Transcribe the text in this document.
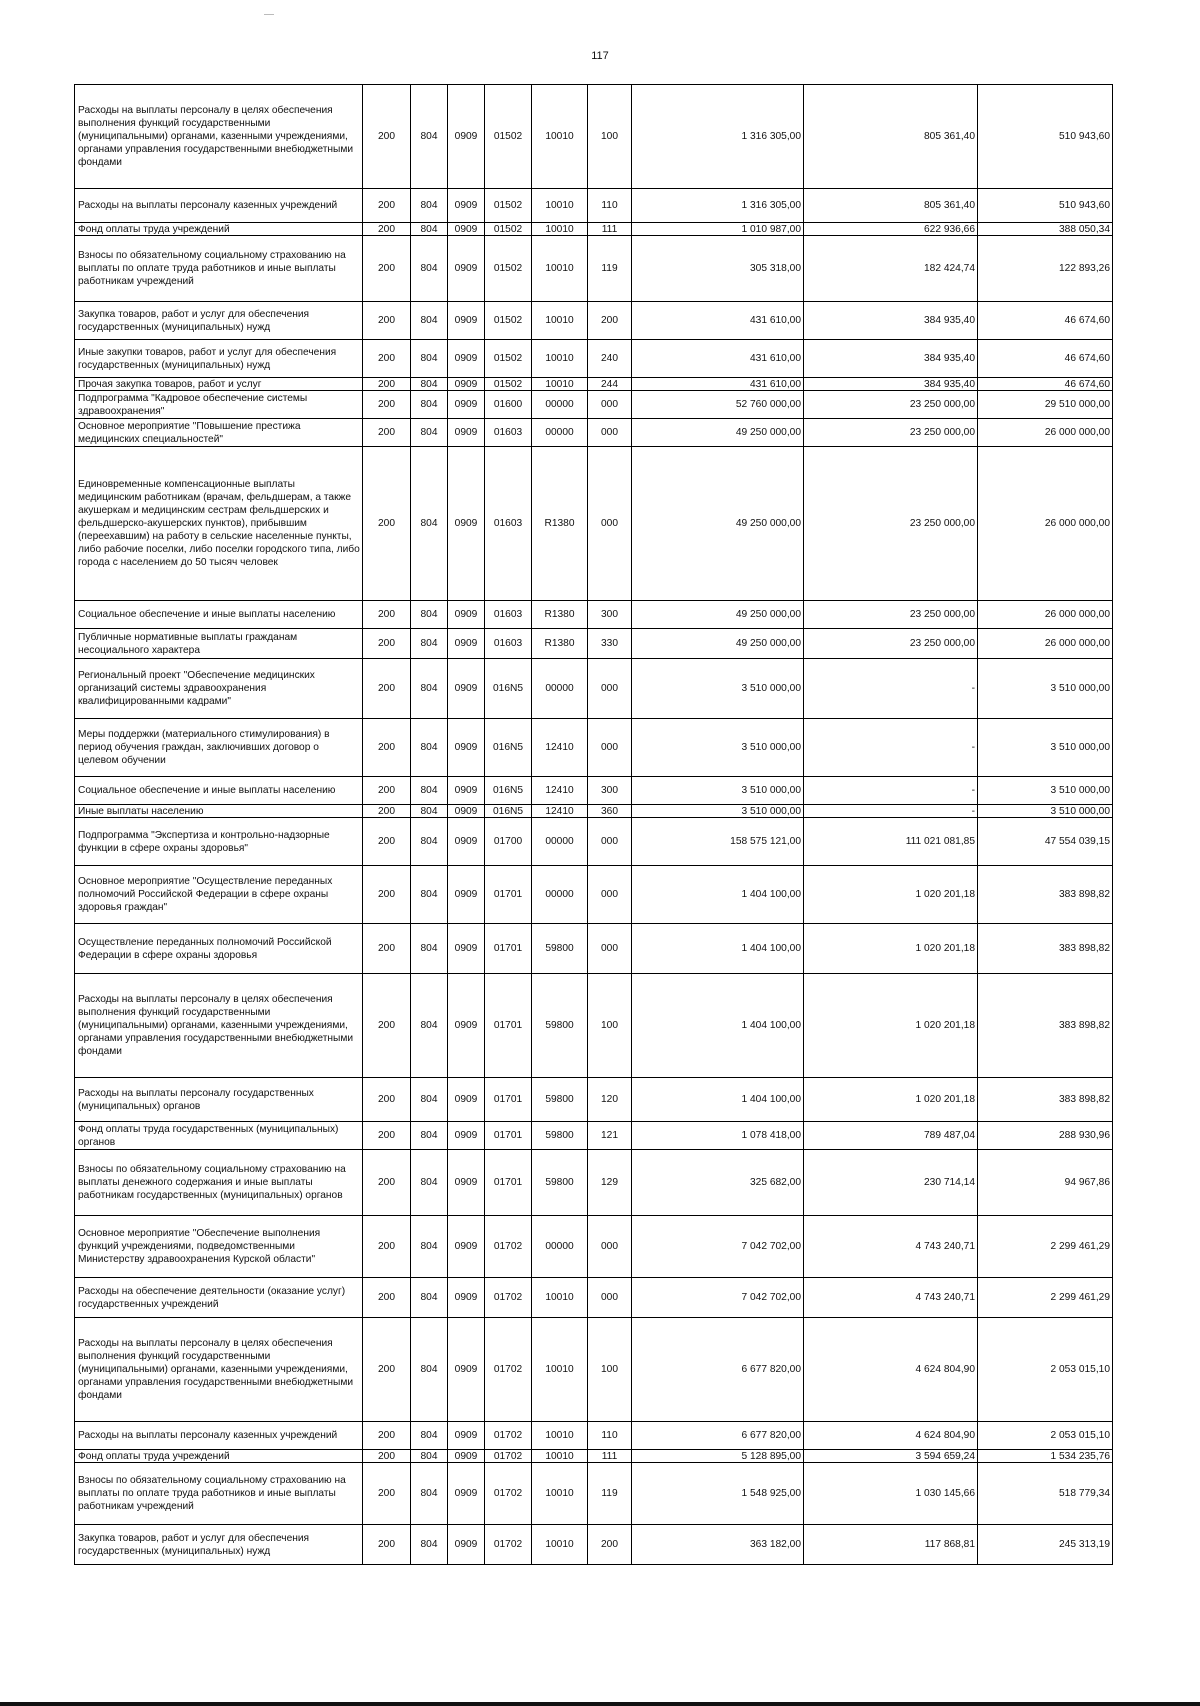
117
Расходы на выплаты персоналу в целях обеспечения выполнения функций государственными (муниципальными) органами, казенными учреждениями, органами управления государственными внебюджетными фондами	200	804	0909	01502	10010	100	1 316 305,00	805 361,40	510 943,60
Расходы на выплаты персоналу казенных учреждений	200	804	0909	01502	10010	110	1 316 305,00	805 361,40	510 943,60
Фонд оплаты труда учреждений	200	804	0909	01502	10010	111	1 010 987,00	622 936,66	388 050,34
Взносы по обязательному социальному страхованию на выплаты по оплате труда работников и иные выплаты работникам учреждений	200	804	0909	01502	10010	119	305 318,00	182 424,74	122 893,26
Закупка товаров, работ и услуг для обеспечения государственных (муниципальных) нужд	200	804	0909	01502	10010	200	431 610,00	384 935,40	46 674,60
Иные закупки товаров, работ и услуг для обеспечения государственных (муниципальных) нужд	200	804	0909	01502	10010	240	431 610,00	384 935,40	46 674,60
Прочая закупка товаров, работ и услуг	200	804	0909	01502	10010	244	431 610,00	384 935,40	46 674,60
Подпрограмма "Кадровое обеспечение системы здравоохранения"	200	804	0909	01600	00000	000	52 760 000,00	23 250 000,00	29 510 000,00
Основное мероприятие "Повышение престижа медицинских специальностей"	200	804	0909	01603	00000	000	49 250 000,00	23 250 000,00	26 000 000,00
Единовременные компенсационные выплаты медицинским работникам (врачам, фельдшерам, а также акушеркам и медицинским сестрам фельдшерских и фельдшерско-акушерских пунктов), прибывшим (переехавшим) на работу в сельские населенные пункты, либо рабочие поселки, либо поселки городского типа, либо города с населением до 50 тысяч человек	200	804	0909	01603	R1380	000	49 250 000,00	23 250 000,00	26 000 000,00
Социальное обеспечение и иные выплаты населению	200	804	0909	01603	R1380	300	49 250 000,00	23 250 000,00	26 000 000,00
Публичные нормативные выплаты гражданам несоциального характера	200	804	0909	01603	R1380	330	49 250 000,00	23 250 000,00	26 000 000,00
Региональный проект "Обеспечение медицинских организаций системы здравоохранения квалифицированными кадрами"	200	804	0909	016N5	00000	000	3 510 000,00	-	3 510 000,00
Меры поддержки (материального стимулирования) в период обучения граждан, заключивших договор о целевом обучении	200	804	0909	016N5	12410	000	3 510 000,00	-	3 510 000,00
Социальное обеспечение и иные выплаты населению	200	804	0909	016N5	12410	300	3 510 000,00	-	3 510 000,00
Иные выплаты населению	200	804	0909	016N5	12410	360	3 510 000,00	-	3 510 000,00
Подпрограмма "Экспертиза и контрольно-надзорные функции в сфере охраны здоровья"	200	804	0909	01700	00000	000	158 575 121,00	111 021 081,85	47 554 039,15
Основное мероприятие "Осуществление переданных полномочий Российской Федерации в сфере охраны здоровья граждан"	200	804	0909	01701	00000	000	1 404 100,00	1 020 201,18	383 898,82
Осуществление переданных полномочий Российской Федерации в сфере охраны здоровья	200	804	0909	01701	59800	000	1 404 100,00	1 020 201,18	383 898,82
Расходы на выплаты персоналу в целях обеспечения выполнения функций государственными (муниципальными) органами, казенными учреждениями, органами управления государственными внебюджетными фондами	200	804	0909	01701	59800	100	1 404 100,00	1 020 201,18	383 898,82
Расходы на выплаты персоналу государственных (муниципальных) органов	200	804	0909	01701	59800	120	1 404 100,00	1 020 201,18	383 898,82
Фонд оплаты труда государственных (муниципальных) органов	200	804	0909	01701	59800	121	1 078 418,00	789 487,04	288 930,96
Взносы по обязательному социальному страхованию на выплаты денежного содержания и иные выплаты работникам государственных (муниципальных) органов	200	804	0909	01701	59800	129	325 682,00	230 714,14	94 967,86
Основное мероприятие "Обеспечение выполнения функций учреждениями, подведомственными Министерству здравоохранения Курской области"	200	804	0909	01702	00000	000	7 042 702,00	4 743 240,71	2 299 461,29
Расходы на обеспечение деятельности (оказание услуг) государственных учреждений	200	804	0909	01702	10010	000	7 042 702,00	4 743 240,71	2 299 461,29
Расходы на выплаты персоналу в целях обеспечения выполнения функций государственными (муниципальными) органами, казенными учреждениями, органами управления государственными внебюджетными фондами	200	804	0909	01702	10010	100	6 677 820,00	4 624 804,90	2 053 015,10
Расходы на выплаты персоналу казенных учреждений	200	804	0909	01702	10010	110	6 677 820,00	4 624 804,90	2 053 015,10
Фонд оплаты труда учреждений	200	804	0909	01702	10010	111	5 128 895,00	3 594 659,24	1 534 235,76
Взносы по обязательному социальному страхованию на выплаты по оплате труда работников и иные выплаты работникам учреждений	200	804	0909	01702	10010	119	1 548 925,00	1 030 145,66	518 779,34
Закупка товаров, работ и услуг для обеспечения государственных (муниципальных) нужд	200	804	0909	01702	10010	200	363 182,00	117 868,81	245 313,19
